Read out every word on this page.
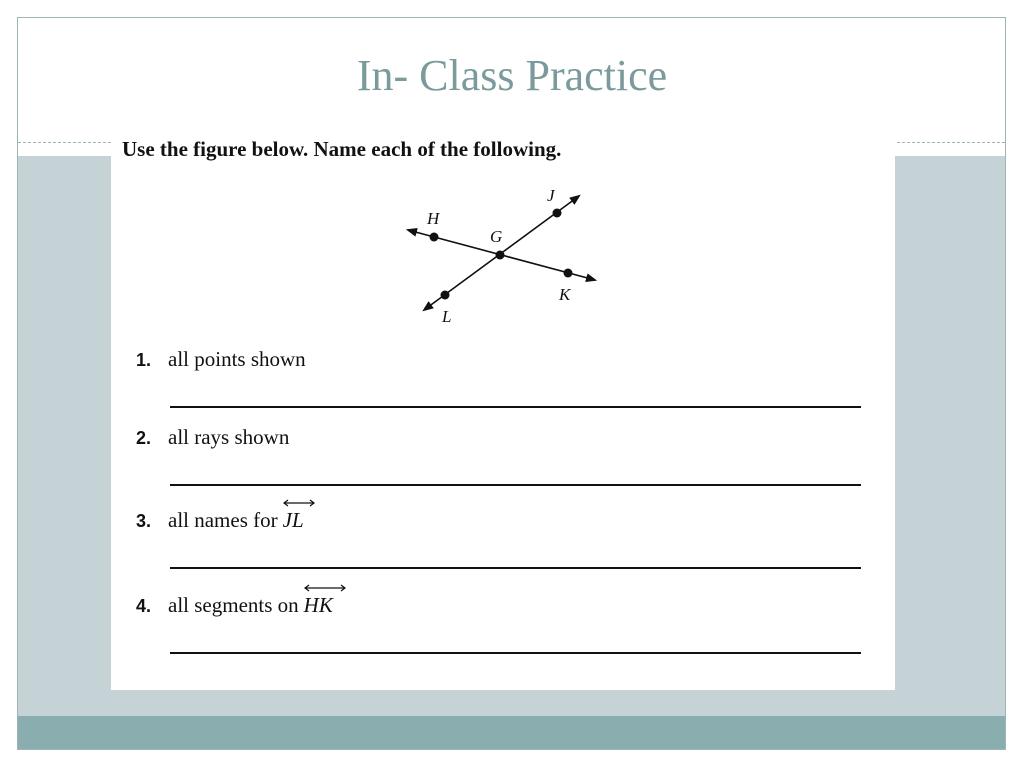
In- Class Practice

Use the figure below. Name each of the following.

H
G
J
K
L
1. all points shown
2. all rays shown
3. all names for JL
4. all segments on HK
